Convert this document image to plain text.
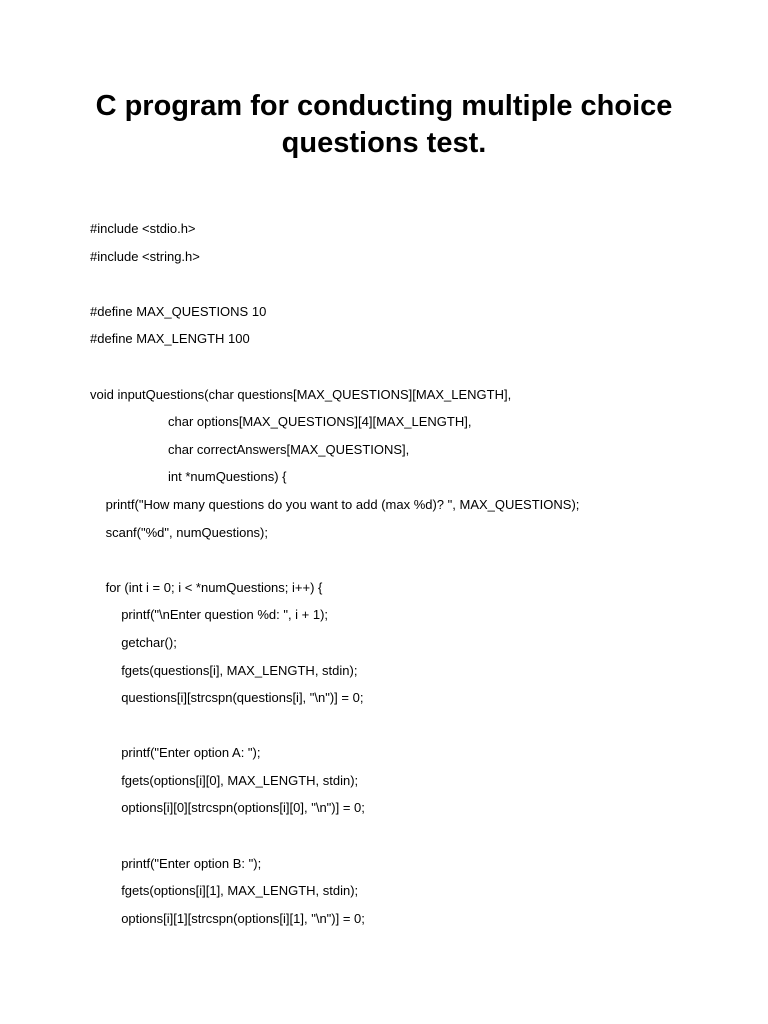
C program for conducting multiple choice
questions test.
#include <stdio.h>
#include <string.h>
#define MAX_QUESTIONS 10
#define MAX_LENGTH 100
void inputQuestions(char questions[MAX_QUESTIONS][MAX_LENGTH],
char options[MAX_QUESTIONS][4][MAX_LENGTH],
char correctAnswers[MAX_QUESTIONS],
int *numQuestions) {
printf("How many questions do you want to add (max %d)? ", MAX_QUESTIONS);
scanf("%d", numQuestions);
for (int i = 0; i < *numQuestions; i++) {
printf("\nEnter question %d: ", i + 1);
getchar();
fgets(questions[i], MAX_LENGTH, stdin);
questions[i][strcspn(questions[i], "\n")] = 0;
printf("Enter option A: ");
fgets(options[i][0], MAX_LENGTH, stdin);
options[i][0][strcspn(options[i][0], "\n")] = 0;
printf("Enter option B: ");
fgets(options[i][1], MAX_LENGTH, stdin);
options[i][1][strcspn(options[i][1], "\n")] = 0;
